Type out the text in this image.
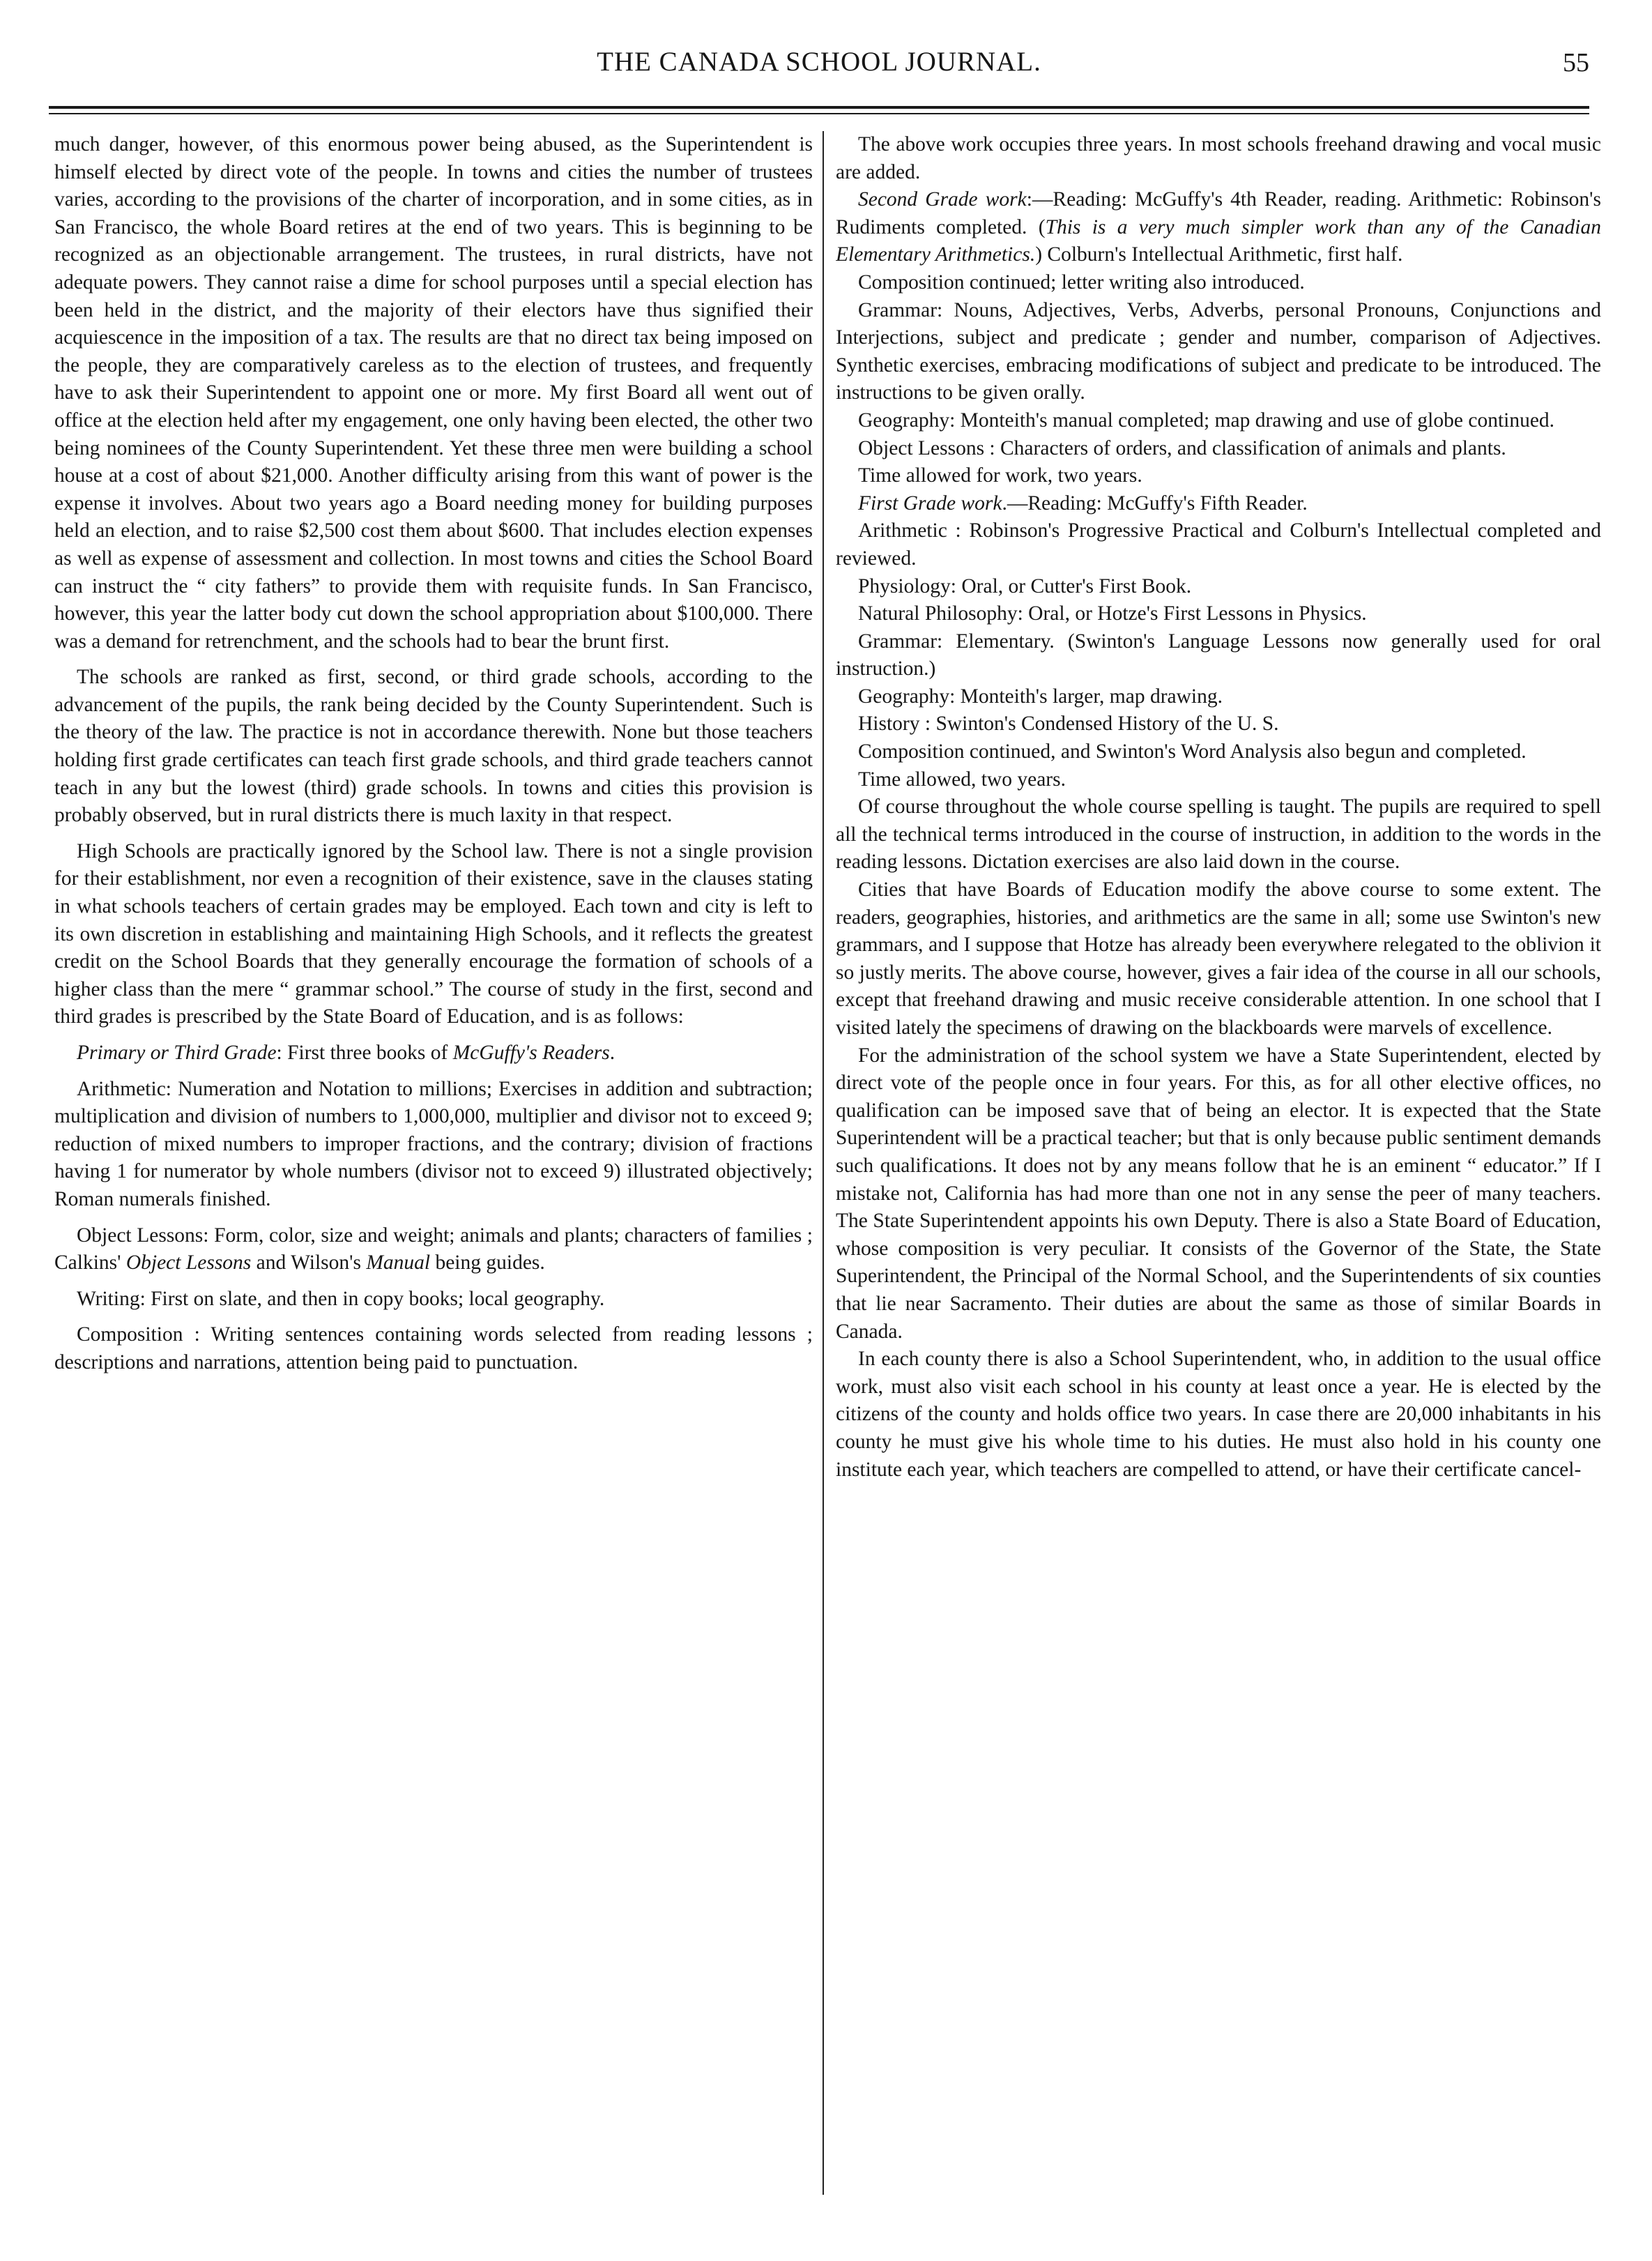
THE CANADA SCHOOL JOURNAL.	55

much danger, however, of this enormous power being abused, as the Superintendent is himself elected by direct vote of the people. In towns and cities the number of trustees varies, according to the provisions of the charter of incorporation, and in some cities, as in San Francisco, the whole Board retires at the end of two years. This is beginning to be recognized as an objectionable arrangement. The trustees, in rural districts, have not adequate powers. They cannot raise a dime for school purposes until a special election has been held in the district, and the majority of their electors have thus signified their acquiescence in the imposition of a tax. The results are that no direct tax being imposed on the people, they are comparatively careless as to the election of trustees, and frequently have to ask their Superintendent to appoint one or more. My first Board all went out of office at the election held after my engagement, one only having been elected, the other two being nominees of the County Superintendent. Yet these three men were building a school house at a cost of about $21,000. Another difficulty arising from this want of power is the expense it involves. About two years ago a Board needing money for building purposes held an election, and to raise $2,500 cost them about $600. That includes election expenses as well as expense of assessment and collection. In most towns and cities the School Board can instruct the “ city fathers” to provide them with requisite funds. In San Francisco, however, this year the latter body cut down the school appropriation about $100,000. There was a demand for retrenchment, and the schools had to bear the brunt first.

The schools are ranked as first, second, or third grade schools, according to the advancement of the pupils, the rank being decided by the County Superintendent. Such is the theory of the law. The practice is not in accordance therewith. None but those teachers holding first grade certificates can teach first grade schools, and third grade teachers cannot teach in any but the lowest (third) grade schools. In towns and cities this provision is probably observed, but in rural districts there is much laxity in that respect.

High Schools are practically ignored by the School law. There is not a single provision for their establishment, nor even a recognition of their existence, save in the clauses stating in what schools teachers of certain grades may be employed. Each town and city is left to its own discretion in establishing and maintaining High Schools, and it reflects the greatest credit on the School Boards that they generally encourage the formation of schools of a higher class than the mere “ grammar school.” The course of study in the first, second and third grades is prescribed by the State Board of Education, and is as follows:

Primary or Third Grade: First three books of McGuffy's Readers.

Arithmetic: Numeration and Notation to millions; Exercises in addition and subtraction; multiplication and division of numbers to 1,000,000, multiplier and divisor not to exceed 9; reduction of mixed numbers to improper fractions, and the contrary; division of fractions having 1 for numerator by whole numbers (divisor not to exceed 9) illustrated objectively; Roman numerals finished.

Object Lessons: Form, color, size and weight; animals and plants; characters of families ; Calkins' Object Lessons and Wilson's Manual being guides.

Writing: First on slate, and then in copy books; local geography.

Composition : Writing sentences containing words selected from reading lessons ; descriptions and narrations, attention being paid to punctuation.

The above work occupies three years. In most schools freehand drawing and vocal music are added.

Second Grade work:—Reading: McGuffy's 4th Reader, reading. Arithmetic: Robinson's Rudiments completed. (This is a very much simpler work than any of the Canadian Elementary Arithmetics.) Colburn's Intellectual Arithmetic, first half.

Composition continued; letter writing also introduced.

Grammar: Nouns, Adjectives, Verbs, Adverbs, personal Pronouns, Conjunctions and Interjections, subject and predicate ; gender and number, comparison of Adjectives. Synthetic exercises, embracing modifications of subject and predicate to be introduced. The instructions to be given orally.

Geography: Monteith's manual completed; map drawing and use of globe continued.

Object Lessons : Characters of orders, and classification of animals and plants.

Time allowed for work, two years.

First Grade work.—Reading: McGuffy's Fifth Reader.

Arithmetic : Robinson's Progressive Practical and Colburn's Intellectual completed and reviewed.

Physiology: Oral, or Cutter's First Book.

Natural Philosophy: Oral, or Hotze's First Lessons in Physics.

Grammar: Elementary. (Swinton's Language Lessons now generally used for oral instruction.)

Geography: Monteith's larger, map drawing.

History : Swinton's Condensed History of the U. S.

Composition continued, and Swinton's Word Analysis also begun and completed.

Time allowed, two years.

Of course throughout the whole course spelling is taught. The pupils are required to spell all the technical terms introduced in the course of instruction, in addition to the words in the reading lessons. Dictation exercises are also laid down in the course.

Cities that have Boards of Education modify the above course to some extent. The readers, geographies, histories, and arithmetics are the same in all; some use Swinton's new grammars, and I suppose that Hotze has already been everywhere relegated to the oblivion it so justly merits. The above course, however, gives a fair idea of the course in all our schools, except that freehand drawing and music receive considerable attention. In one school that I visited lately the specimens of drawing on the blackboards were marvels of excellence.

For the administration of the school system we have a State Superintendent, elected by direct vote of the people once in four years. For this, as for all other elective offices, no qualification can be imposed save that of being an elector. It is expected that the State Superintendent will be a practical teacher; but that is only because public sentiment demands such qualifications. It does not by any means follow that he is an eminent “ educator.” If I mistake not, California has had more than one not in any sense the peer of many teachers. The State Superintendent appoints his own Deputy. There is also a State Board of Education, whose composition is very peculiar. It consists of the Governor of the State, the State Superintendent, the Principal of the Normal School, and the Superintendents of six counties that lie near Sacramento. Their duties are about the same as those of similar Boards in Canada.

In each county there is also a School Superintendent, who, in addition to the usual office work, must also visit each school in his county at least once a year. He is elected by the citizens of the county and holds office two years. In case there are 20,000 inhabitants in his county he must give his whole time to his duties. He must also hold in his county one institute each year, which teachers are compelled to attend, or have their certificate cancel-
